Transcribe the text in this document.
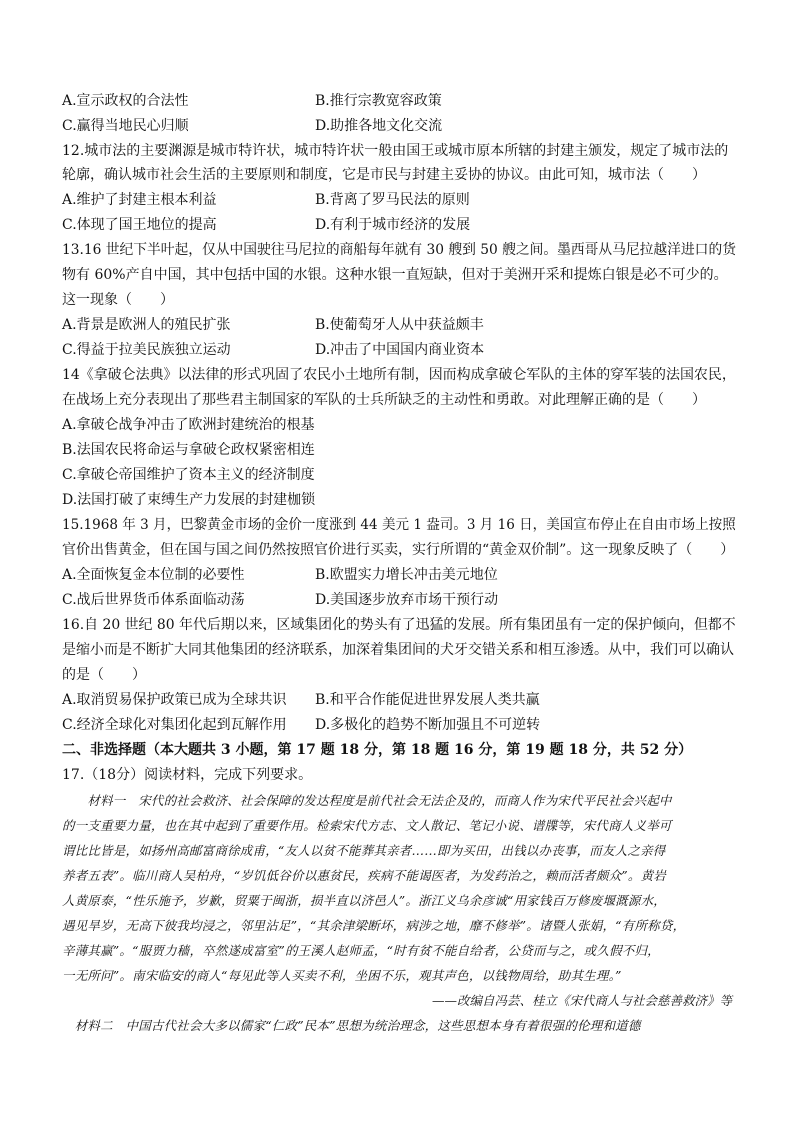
A.宣示政权的合法性	B.推行宗教宽容政策
C.赢得当地民心归顺	D.助推各地文化交流
12.城市法的主要渊源是城市特许状，城市特许状一般由国王或城市原本所辖的封建主颁发，规定了城市法的
轮廓，确认城市社会生活的主要原则和制度，它是市民与封建主妥协的协议。由此可知，城市法（　　）
A.维护了封建主根本利益	B.背离了罗马民法的原则
C.体现了国王地位的提高	D.有利于城市经济的发展
13.16 世纪下半叶起，仅从中国驶往马尼拉的商船每年就有 30 艘到 50 艘之间。墨西哥从马尼拉越洋进口的货
物有 60%产自中国，其中包括中国的水银。这种水银一直短缺，但对于美洲开采和提炼白银是必不可少的。
这一现象（　　）
A.背景是欧洲人的殖民扩张	B.使葡萄牙人从中获益颇丰
C.得益于拉美民族独立运动	D.冲击了中国国内商业资本
14《拿破仑法典》以法律的形式巩固了农民小土地所有制，因而构成拿破仑军队的主体的穿军装的法国农民，
在战场上充分表现出了那些君主制国家的军队的士兵所缺乏的主动性和勇敢。对此理解正确的是（　　）
A.拿破仑战争冲击了欧洲封建统治的根基
B.法国农民将命运与拿破仑政权紧密相连
C.拿破仑帝国维护了资本主义的经济制度
D.法国打破了束缚生产力发展的封建枷锁
15.1968 年 3 月，巴黎黄金市场的金价一度涨到 44 美元 1 盎司。3 月 16 日，美国宣布停止在自由市场上按照
官价出售黄金，但在国与国之间仍然按照官价进行买卖，实行所谓的“黄金双价制”。这一现象反映了（　　）
A.全面恢复金本位制的必要性	B.欧盟实力增长冲击美元地位
C.战后世界货币体系面临动荡	D.美国逐步放弃市场干预行动
16.自 20 世纪 80 年代后期以来，区域集团化的势头有了迅猛的发展。所有集团虽有一定的保护倾向，但都不
是缩小而是不断扩大同其他集团的经济联系，加深着集团间的犬牙交错关系和相互渗透。从中，我们可以确认
的是（　　）
A.取消贸易保护政策已成为全球共识 B.和平合作能促进世界发展人类共赢
C.经济全球化对集团化起到瓦解作用 D.多极化的趋势不断加强且不可逆转
二、非选择题（本大题共 3 小题，第 17 题 18 分，第 18 题 16 分，第 19 题 18 分，共 52 分）
17.（18分）阅读材料，完成下列要求。
　　材料一　宋代的社会救济、社会保障的发达程度是前代社会无法企及的，而商人作为宋代平民社会兴起中
的一支重要力量，也在其中起到了重要作用。检索宋代方志、文人散记、笔记小说、谱牒等，宋代商人义举可
谓比比皆是，如扬州高邮富商徐成甫，“友人以贫不能葬其亲者……即为买田，出钱以办丧事，而友人之亲得
养者五表”。临川商人吴柏舟，“岁饥低谷价以惠贫民，疾病不能谒医者，为发药治之，赖而活者颇众”。黄岩
人黄原泰，“性乐施予，岁歉，贸粟于闽浙，损半直以济邑人”。浙江义乌余彦诚“用家钱百万修废堰溉源水，
遇见旱岁，无高下彼我均浸之，邻里沾足”，“其余津梁断坏，病涉之地，靡不修举”。诸暨人张娟，“有所称贷，
辛薄其赢”。“服贾力穑，卒然遂成富室”的王溪人赵师孟，“时有贫不能自给者，公贷而与之，或久假不归，
一无所问”。南宋临安的商人“每见此等人买卖不利，坐困不乐，观其声色，以钱物周给，助其生理。”
——改编自冯芸、桂立《宋代商人与社会慈善救济》等
　材料二　中国古代社会大多以儒家“仁政”民本”思想为统治理念，这些思想本身有着很强的伦理和道德
